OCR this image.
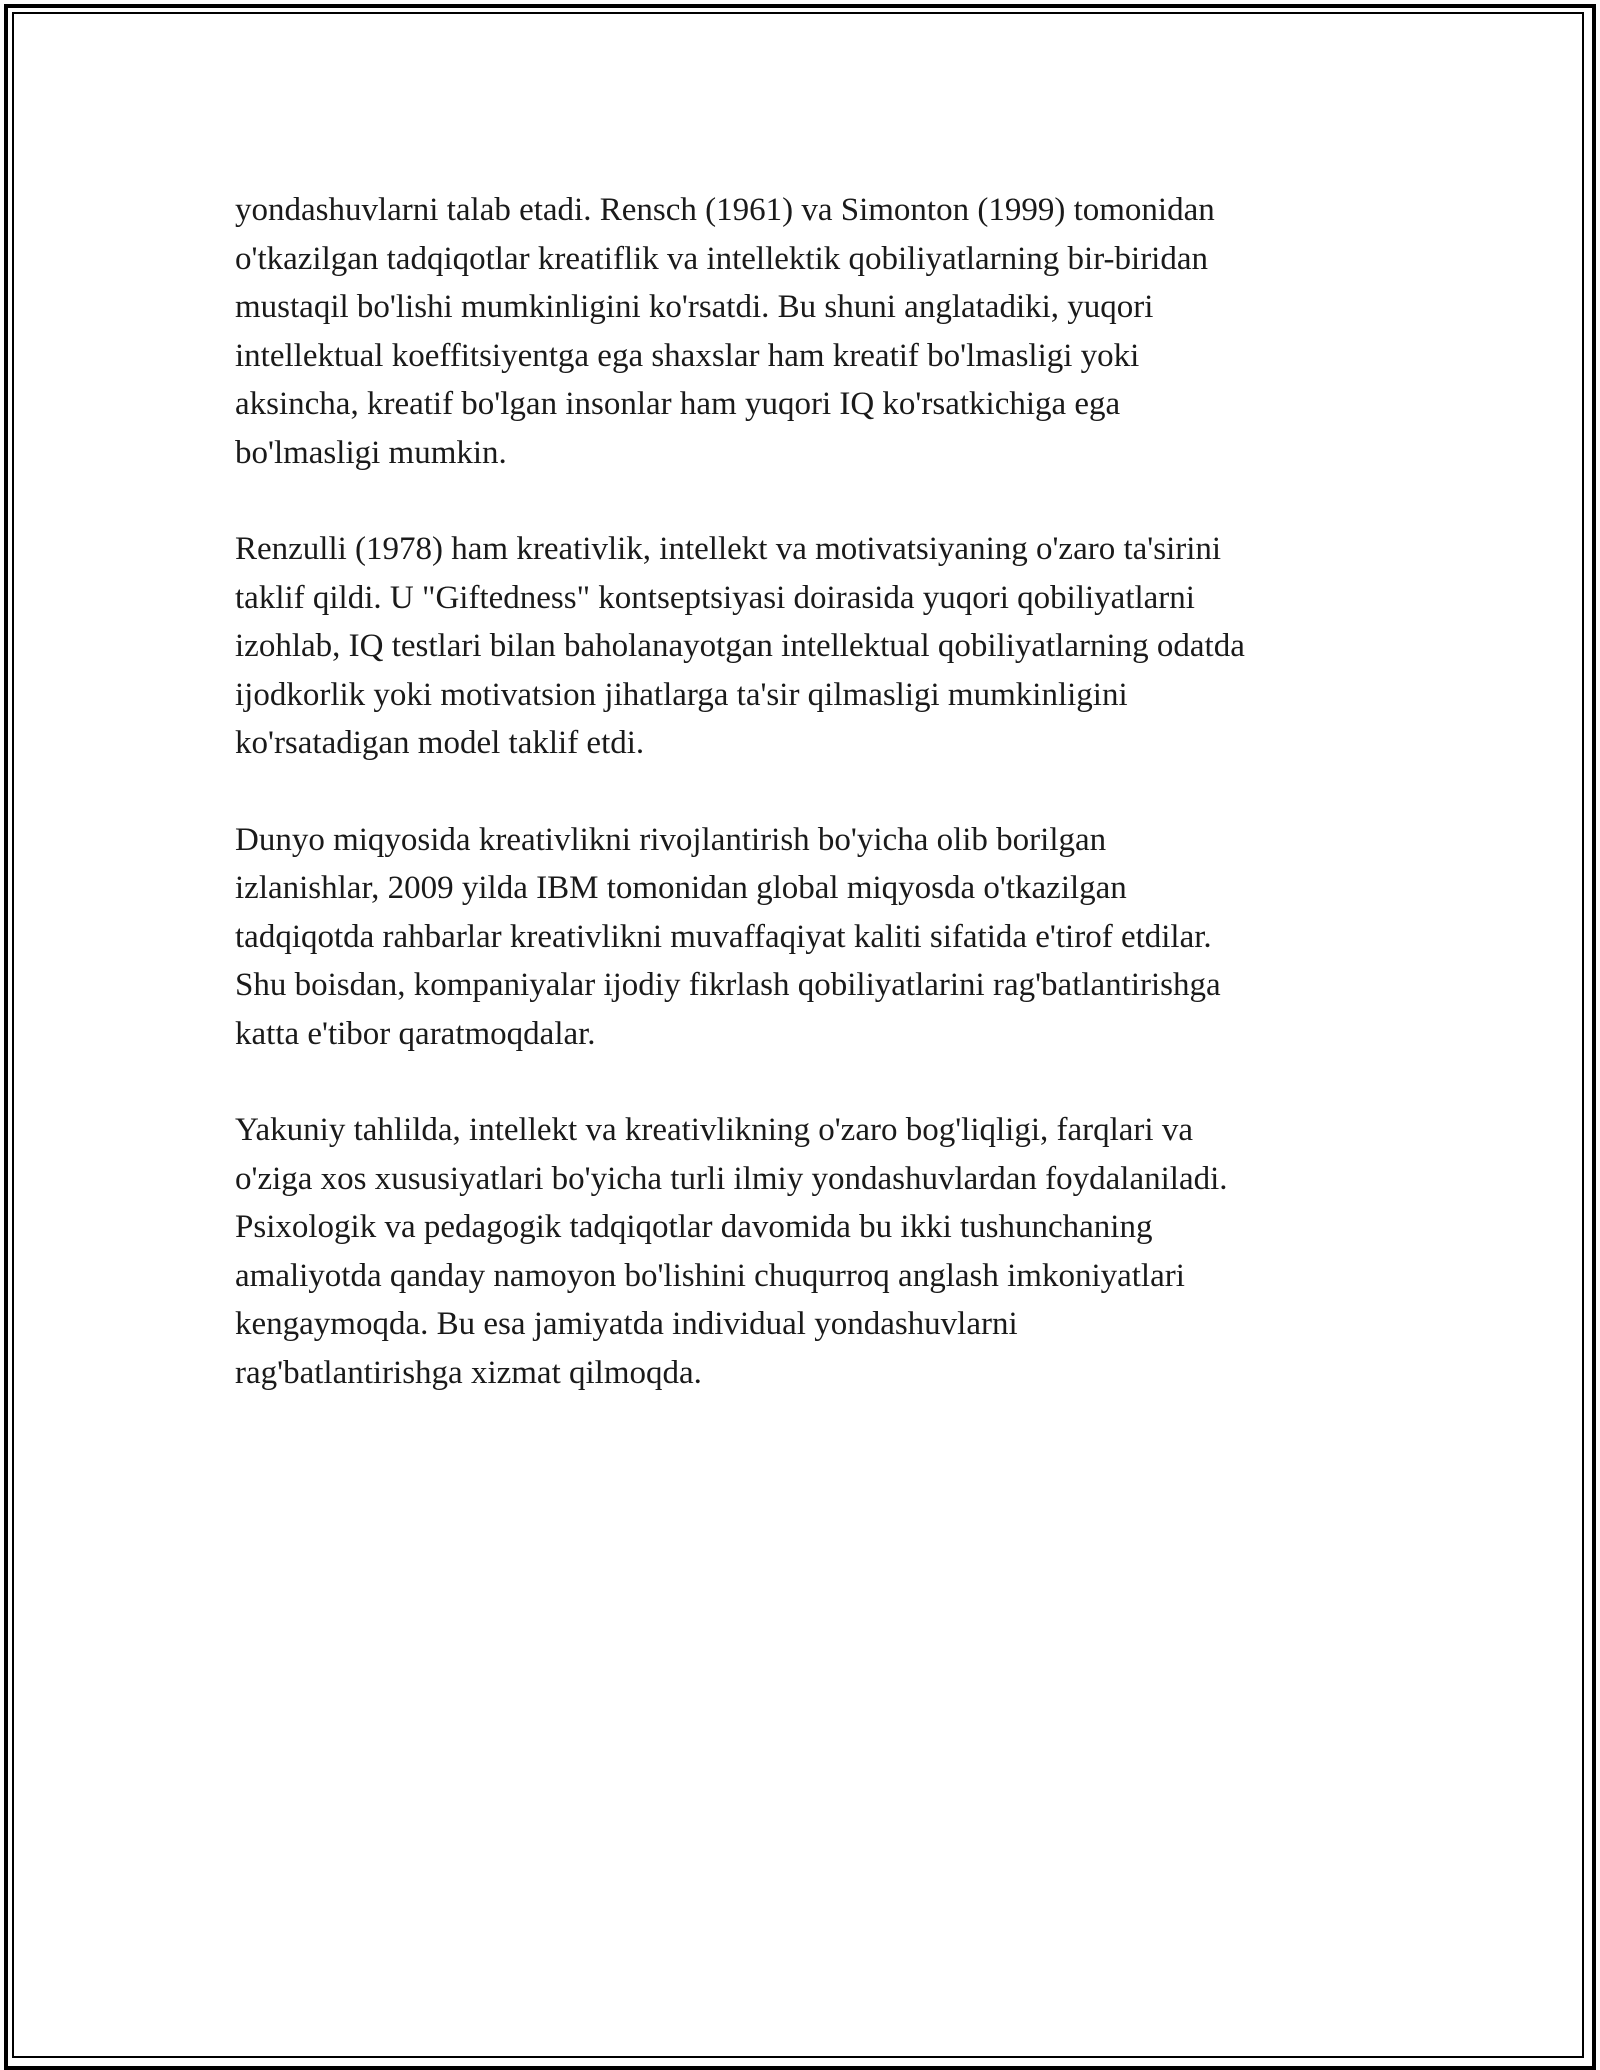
yondashuvlarni talab etadi. Rensch (1961) va Simonton (1999) tomonidan
o'tkazilgan tadqiqotlar kreatiflik va intellektik qobiliyatlarning bir-biridan
mustaqil bo'lishi mumkinligini ko'rsatdi. Bu shuni anglatadiki, yuqori
intellektual koeffitsiyentga ega shaxslar ham kreatif bo'lmasligi yoki
aksincha, kreatif bo'lgan insonlar ham yuqori IQ ko'rsatkichiga ega
bo'lmasligi mumkin.

Renzulli (1978) ham kreativlik, intellekt va motivatsiyaning o'zaro ta'sirini
taklif qildi. U "Giftedness" kontseptsiyasi doirasida yuqori qobiliyatlarni
izohlab, IQ testlari bilan baholanayotgan intellektual qobiliyatlarning odatda
ijodkorlik yoki motivatsion jihatlarga ta'sir qilmasligi mumkinligini
ko'rsatadigan model taklif etdi.

Dunyo miqyosida kreativlikni rivojlantirish bo'yicha olib borilgan
izlanishlar, 2009 yilda IBM tomonidan global miqyosda o'tkazilgan
tadqiqotda rahbarlar kreativlikni muvaffaqiyat kaliti sifatida e'tirof etdilar.
Shu boisdan, kompaniyalar ijodiy fikrlash qobiliyatlarini rag'batlantirishga
katta e'tibor qaratmoqdalar.

Yakuniy tahlilda, intellekt va kreativlikning o'zaro bog'liqligi, farqlari va
o'ziga xos xususiyatlari bo'yicha turli ilmiy yondashuvlardan foydalaniladi.
Psixologik va pedagogik tadqiqotlar davomida bu ikki tushunchaning
amaliyotda qanday namoyon bo'lishini chuqurroq anglash imkoniyatlari
kengaymoqda. Bu esa jamiyatda individual yondashuvlarni
rag'batlantirishga xizmat qilmoqda.
